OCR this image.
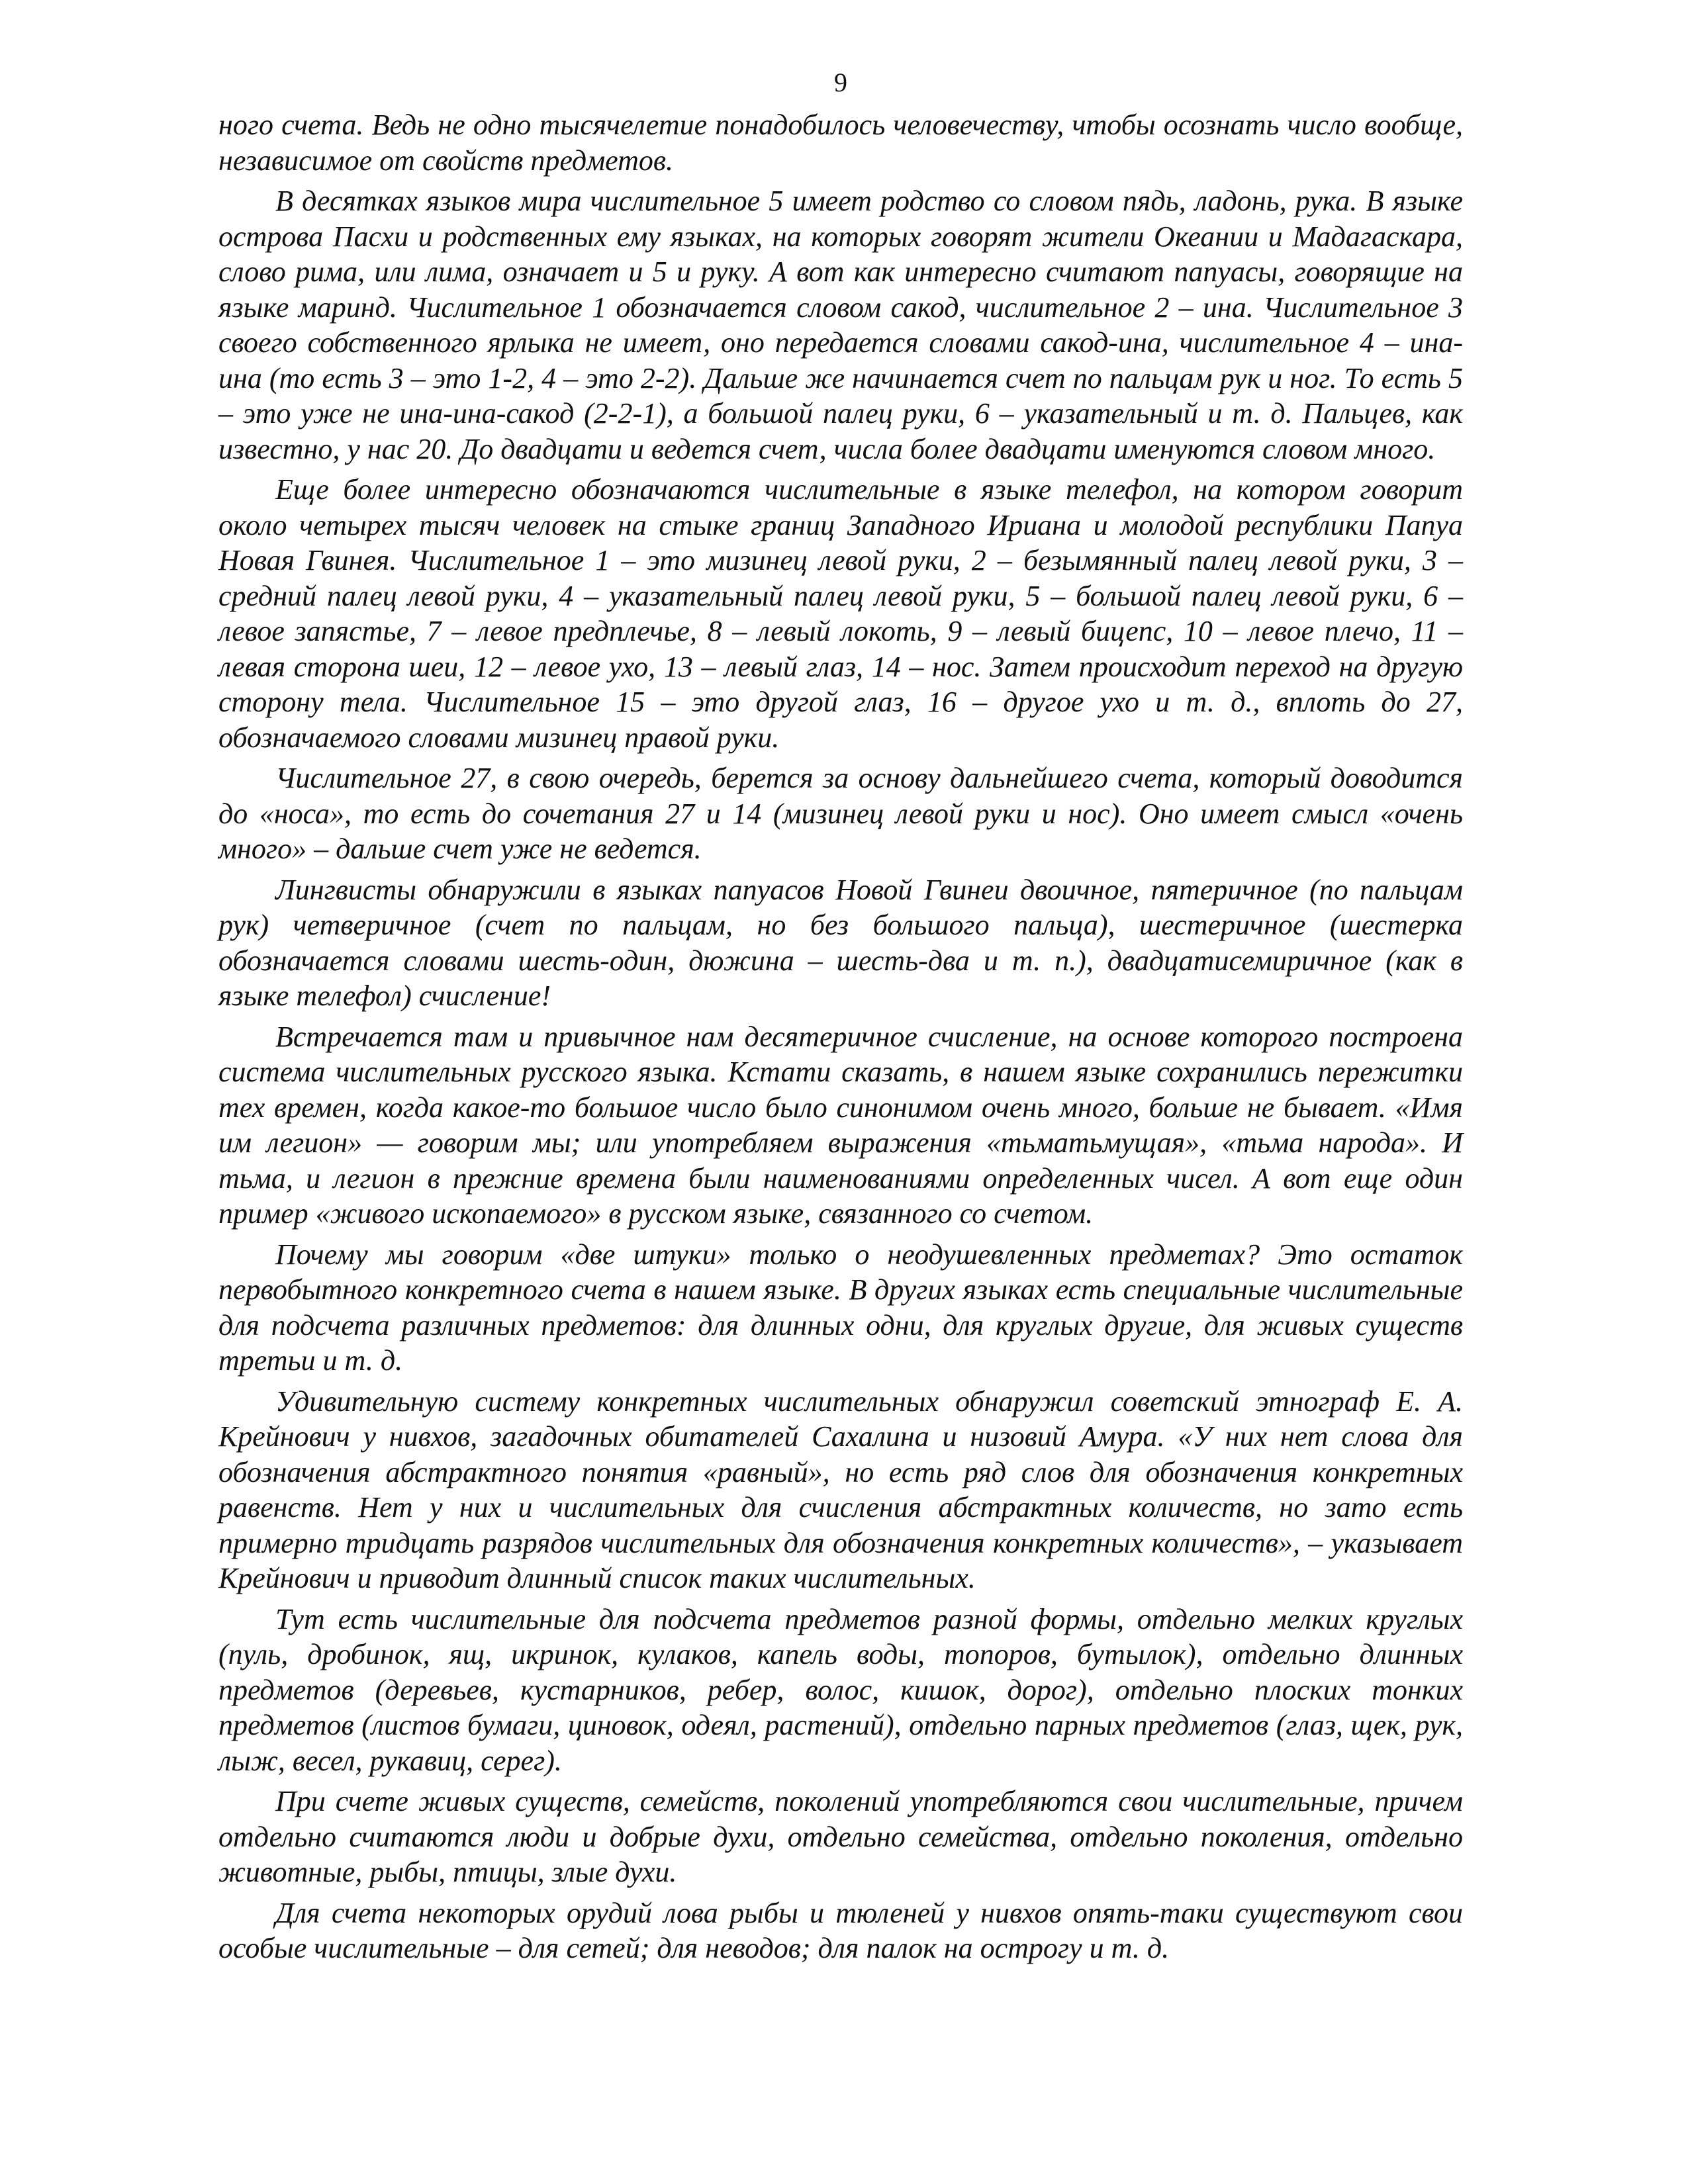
9

ного счета. Ведь не одно тысячелетие понадобилось человечеству, чтобы осознать число вообще, независимое от свойств предметов.

В десятках языков мира числительное 5 имеет родство со словом пядь, ладонь, рука. В языке острова Пасхи и родственных ему языках, на которых говорят жители Океании и Мадагаскара, слово рима, или лима, означает и 5 и руку. А вот как интересно считают папуасы, говорящие на языке маринд. Числительное 1 обозначается словом сакод, числительное 2 – ина. Числительное 3 своего собственного ярлыка не имеет, оно передается словами сакод-ина, числительное 4 – ина-ина (то есть 3 – это 1-2, 4 – это 2-2). Дальше же начинается счет по пальцам рук и ног. То есть 5 – это уже не ина-ина-сакод (2-2-1), а большой палец руки, 6 – указательный и т. д. Пальцев, как известно, у нас 20. До двадцати и ведется счет, числа более двадцати именуются словом много.

Еще более интересно обозначаются числительные в языке телефол, на котором говорит около четырех тысяч человек на стыке границ Западного Ириана и молодой республики Папуа Новая Гвинея. Числительное 1 – это мизинец левой руки, 2 – безымянный палец левой руки, 3 – средний палец левой руки, 4 – указательный палец левой руки, 5 – большой палец левой руки, 6 – левое запястье, 7 – левое предплечье, 8 – левый локоть, 9 – левый бицепс, 10 – левое плечо, 11 – левая сторона шеи, 12 – левое ухо, 13 – левый глаз, 14 – нос. Затем происходит переход на другую сторону тела. Числительное 15 – это другой глаз, 16 – другое ухо и т. д., вплоть до 27, обозначаемого словами мизинец правой руки.

Числительное 27, в свою очередь, берется за основу дальнейшего счета, который доводится до «носа», то есть до сочетания 27 и 14 (мизинец левой руки и нос). Оно имеет смысл «очень много» – дальше счет уже не ведется.

Лингвисты обнаружили в языках папуасов Новой Гвинеи двоичное, пятеричное (по пальцам рук) четверичное (счет по пальцам, но без большого пальца), шестеричное (шестерка обозначается словами шесть-один, дюжина – шесть-два и т. п.), двадцатисемиричное (как в языке телефол) счисление!

Встречается там и привычное нам десятеричное счисление, на основе которого построена система числительных русского языка. Кстати сказать, в нашем языке сохранились пережитки тех времен, когда какое-то большое число было синонимом очень много, больше не бывает. «Имя им легион» — говорим мы; или употребляем выражения «тьматьмущая», «тьма народа». И тьма, и легион в прежние времена были наименованиями определенных чисел. А вот еще один пример «живого ископаемого» в русском языке, связанного со счетом.

Почему мы говорим «две штуки» только о неодушевленных предметах? Это остаток первобытного конкретного счета в нашем языке. В других языках есть специальные числительные для подсчета различных предметов: для длинных одни, для круглых другие, для живых существ третьи и т. д.

Удивительную систему конкретных числительных обнаружил советский этнограф Е. А. Крейнович у нивхов, загадочных обитателей Сахалина и низовий Амура. «У них нет слова для обозначения абстрактного понятия «равный», но есть ряд слов для обозначения конкретных равенств. Нет у них и числительных для счисления абстрактных количеств, но зато есть примерно тридцать разрядов числительных для обозначения конкретных количеств», – указывает Крейнович и приводит длинный список таких числительных.

Тут есть числительные для подсчета предметов разной формы, отдельно мелких круглых (пуль, дробинок, ящ, икринок, кулаков, капель воды, топоров, бутылок), отдельно длинных предметов (деревьев, кустарников, ребер, волос, кишок, дорог), отдельно плоских тонких предметов (листов бумаги, циновок, одеял, растений), отдельно парных предметов (глаз, щек, рук, лыж, весел, рукавиц, серег).

При счете живых существ, семейств, поколений употребляются свои числительные, причем отдельно считаются люди и добрые духи, отдельно семейства, отдельно поколения, отдельно животные, рыбы, птицы, злые духи.

Для счета некоторых орудий лова рыбы и тюленей у нивхов опять-таки существуют свои особые числительные – для сетей; для неводов; для палок на острогу и т. д.
